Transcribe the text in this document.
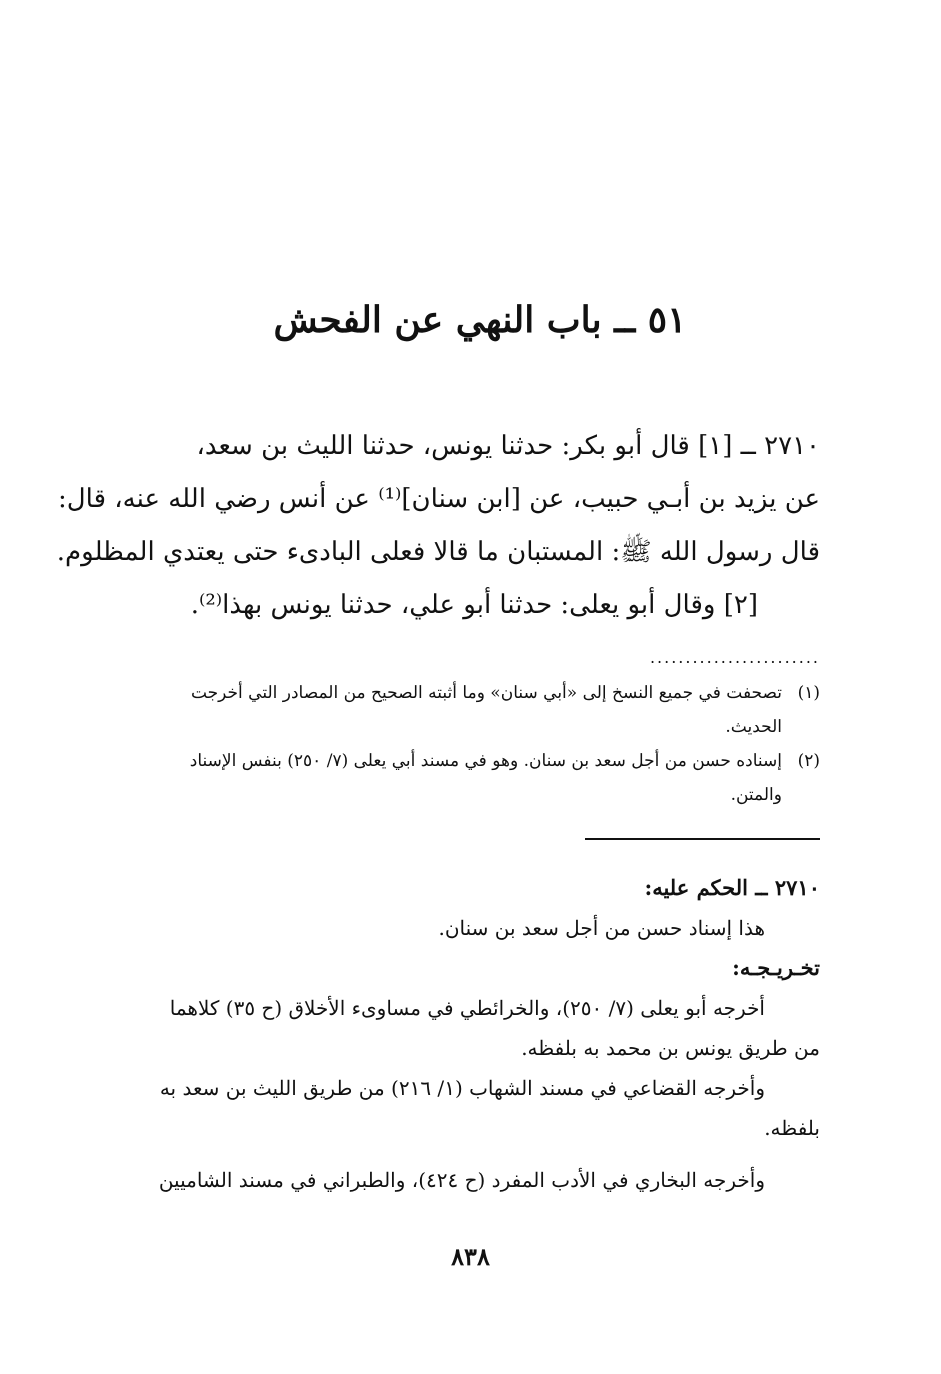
٥١ ــ باب النهي عن الفحش
٢٧١٠ ــ [١] قال أبو بكر: حدثنا يونس، حدثنا الليث بن سعد،
عن يزيد بن أبـي حبيب، عن [ابن سنان]⁽¹⁾ عن أنس رضي الله عنه، قال:
قال رسول الله ﷺ: المستبان ما قالا فعلى البادىء حتى يعتدي المظلوم.
[٢] وقال أبو يعلى: حدثنا أبو علي، حدثنا يونس بهذا⁽²⁾.
........................
(١)تصحفت في جميع النسخ إلى «أبي سنان» وما أثبته الصحيح من المصادر التي أخرجت
الحديث.
(٢)إسناده حسن من أجل سعد بن سنان. وهو في مسند أبي يعلى (٧/ ٢٥٠) بنفس الإسناد
والمتن.
٢٧١٠ ــ الحكم عليه:
هذا إسناد حسن من أجل سعد بن سنان.
تخـريـجـه:
أخرجه أبو يعلى (٧/ ٢٥٠)، والخرائطي في مساوىء الأخلاق (ح ٣٥) كلاهما
من طريق يونس بن محمد به بلفظه.
وأخرجه القضاعي في مسند الشهاب (١/ ٢١٦) من طريق الليث بن سعد به
بلفظه.
وأخرجه البخاري في الأدب المفرد (ح ٤٢٤)، والطبراني في مسند الشاميين
٨٣٨
